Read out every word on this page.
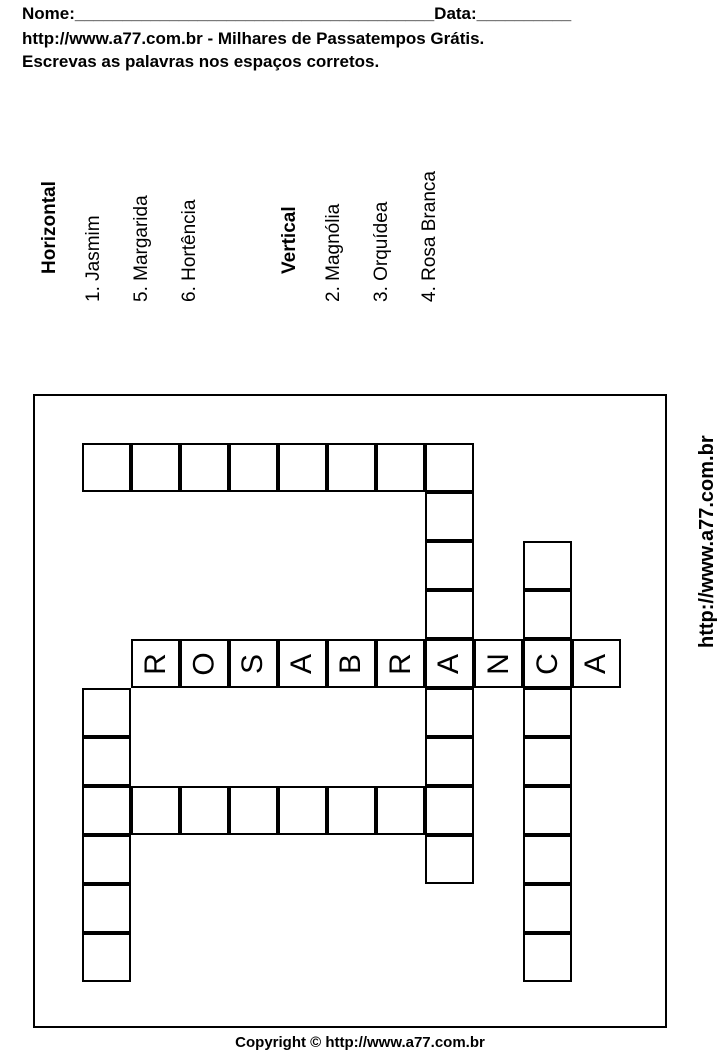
Nome:______________________________________Data:__________
http://www.a77.com.br - Milhares de Passatempos Grátis.
Escrevas as palavras nos espaços corretos.
Horizontal 1. Jasmim 5. Margarida 6. Hortência	Vertical 2. Magnólia 3. Orquídea 4. Rosa Branca
A C
R O S A B R N A
http://www.a77.com.br
Copyright © http://www.a77.com.br
